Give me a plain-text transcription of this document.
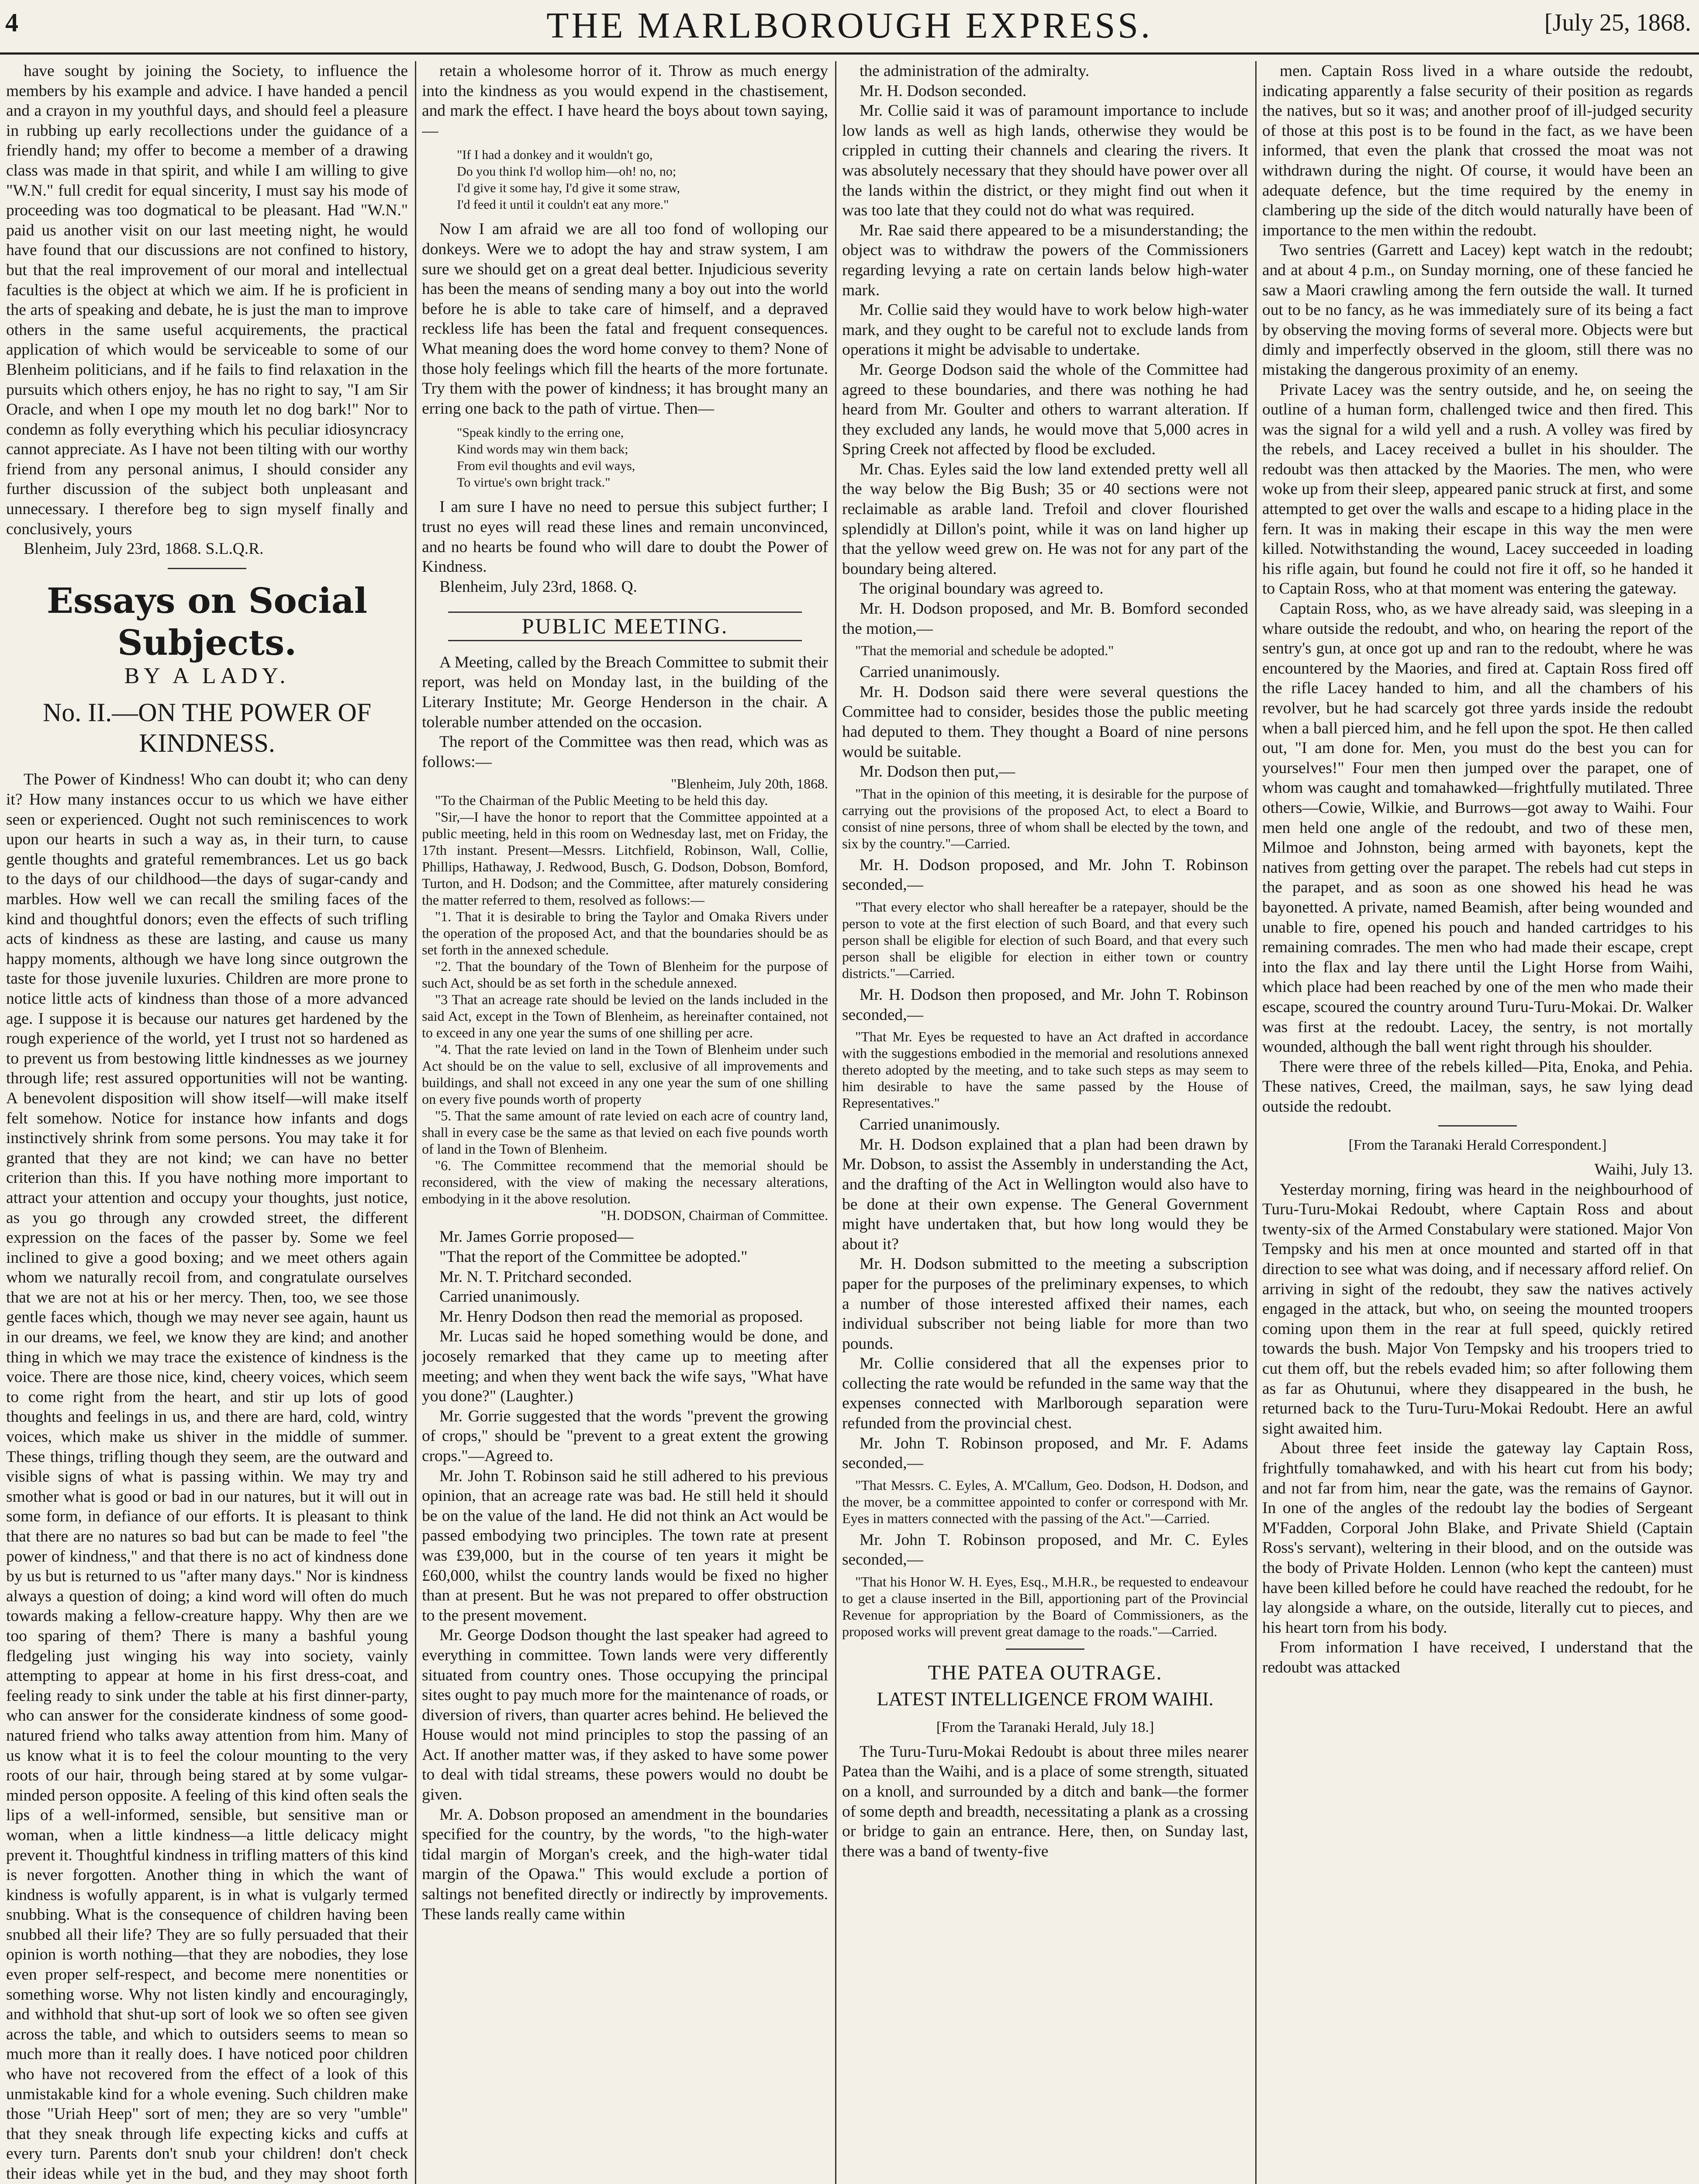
4	THE MARLBOROUGH EXPRESS.	[July 25, 1868.

have sought by joining the Society, to influence the members by his example and advice. I have handed a pencil and a crayon in my youthful days, and should feel a pleasure in rubbing up early recollections under the guidance of a friendly hand; my offer to become a member of a drawing class was made in that spirit, and while I am willing to give "W.N." full credit for equal sincerity, I must say his mode of proceeding was too dogmatical to be pleasant. Had "W.N." paid us another visit on our last meeting night, he would have found that our discussions are not confined to history, but that the real improvement of our moral and intellectual faculties is the object at which we aim. If he is proficient in the arts of speaking and debate, he is just the man to improve others in the same useful acquirements, the practical application of which would be serviceable to some of our Blenheim politicians, and if he fails to find relaxation in the pursuits which others enjoy, he has no right to say, "I am Sir Oracle, and when I ope my mouth let no dog bark!" Nor to condemn as folly everything which his peculiar idiosyncracy cannot appreciate. As I have not been tilting with our worthy friend from any personal animus, I should consider any further discussion of the subject both unpleasant and unnecessary. I therefore beg to sign myself finally and conclusively, yours

Blenheim, July 23rd, 1868. S.L.Q.R.

Essays on Social Subjects.
BY A LADY.
No. II.—ON THE POWER OF KINDNESS.

The Power of Kindness! Who can doubt it; who can deny it? How many instances occur to us which we have either seen or experienced. Ought not such reminiscences to work upon our hearts in such a way as, in their turn, to cause gentle thoughts and grateful remembrances. Let us go back to the days of our childhood—the days of sugar-candy and marbles. How well we can recall the smiling faces of the kind and thoughtful donors; even the effects of such trifling acts of kindness as these are lasting, and cause us many happy moments, although we have long since outgrown the taste for those juvenile luxuries. Children are more prone to notice little acts of kindness than those of a more advanced age. I suppose it is because our natures get hardened by the rough experience of the world, yet I trust not so hardened as to prevent us from bestowing little kindnesses as we journey through life; rest assured opportunities will not be wanting. A benevolent disposition will show itself—will make itself felt somehow. Notice for instance how infants and dogs instinctively shrink from some persons. You may take it for granted that they are not kind; we can have no better criterion than this. If you have nothing more important to attract your attention and occupy your thoughts, just notice, as you go through any crowded street, the different expression on the faces of the passer by. Some we feel inclined to give a good boxing; and we meet others again whom we naturally recoil from, and congratulate ourselves that we are not at his or her mercy. Then, too, we see those gentle faces which, though we may never see again, haunt us in our dreams, we feel, we know they are kind; and another thing in which we may trace the existence of kindness is the voice. There are those nice, kind, cheery voices, which seem to come right from the heart, and stir up lots of good thoughts and feelings in us, and there are hard, cold, wintry voices, which make us shiver in the middle of summer. These things, trifling though they seem, are the outward and visible signs of what is passing within. We may try and smother what is good or bad in our natures, but it will out in some form, in defiance of our efforts. It is pleasant to think that there are no natures so bad but can be made to feel "the power of kindness," and that there is no act of kindness done by us but is returned to us "after many days." Nor is kindness always a question of doing; a kind word will often do much towards making a fellow-creature happy. Why then are we too sparing of them? There is many a bashful young fledgeling just winging his way into society, vainly attempting to appear at home in his first dress-coat, and feeling ready to sink under the table at his first dinner-party, who can answer for the considerate kindness of some good-natured friend who talks away attention from him. Many of us know what it is to feel the colour mounting to the very roots of our hair, through being stared at by some vulgar-minded person opposite. A feeling of this kind often seals the lips of a well-informed, sensible, but sensitive man or woman, when a little kindness—a little delicacy might prevent it. Thoughtful kindness in trifling matters of this kind is never forgotten. Another thing in which the want of kindness is wofully apparent, is in what is vulgarly termed snubbing. What is the consequence of children having been snubbed all their life? They are so fully persuaded that their opinion is worth nothing—that they are nobodies, they lose even proper self-respect, and become mere nonentities or something worse. Why not listen kindly and encouragingly, and withhold that shut-up sort of look we so often see given across the table, and which to outsiders seems to mean so much more than it really does. I have noticed poor children who have not recovered from the effect of a look of this unmistakable kind for a whole evening. Such children make those "Uriah Heep" sort of men; they are so very "umble" that they sneak through life expecting kicks and cuffs at every turn. Parents don't snub your children! don't check their ideas while yet in the bud, and they may shoot forth

retain a wholesome horror of it. Throw as much energy into the kindness as you would expend in the chastisement, and mark the effect. I have heard the boys about town saying,—

"If I had a donkey and it wouldn't go,
Do you think I'd wollop him—oh! no, no;
I'd give it some hay, I'd give it some straw,
I'd feed it until it couldn't eat any more."

Now I am afraid we are all too fond of wolloping our donkeys. Were we to adopt the hay and straw system, I am sure we should get on a great deal better. Injudicious severity has been the means of sending many a boy out into the world before he is able to take care of himself, and a depraved reckless life has been the fatal and frequent consequences. What meaning does the word home convey to them? None of those holy feelings which fill the hearts of the more fortunate. Try them with the power of kindness; it has brought many an erring one back to the path of virtue. Then—

"Speak kindly to the erring one,
Kind words may win them back;
From evil thoughts and evil ways,
To virtue's own bright track."

I am sure I have no need to persue this subject further; I trust no eyes will read these lines and remain unconvinced, and no hearts be found who will dare to doubt the Power of Kindness.

Blenheim, July 23rd, 1868. Q.

PUBLIC MEETING.

A Meeting, called by the Breach Committee to submit their report, was held on Monday last, in the building of the Literary Institute; Mr. George Henderson in the chair. A tolerable number attended on the occasion.

The report of the Committee was then read, which was as follows:—

"Blenheim, July 20th, 1868.

"To the Chairman of the Public Meeting to be held this day.

"Sir,—I have the honor to report that the Committee appointed at a public meeting, held in this room on Wednesday last, met on Friday, the 17th instant. Present—Messrs. Litchfield, Robinson, Wall, Collie, Phillips, Hathaway, J. Redwood, Busch, G. Dodson, Dobson, Bomford, Turton, and H. Dodson; and the Committee, after maturely considering the matter referred to them, resolved as follows:—

"1. That it is desirable to bring the Taylor and Omaka Rivers under the operation of the proposed Act, and that the boundaries should be as set forth in the annexed schedule.

"2. That the boundary of the Town of Blenheim for the purpose of such Act, should be as set forth in the schedule annexed.

"3 That an acreage rate should be levied on the lands included in the said Act, except in the Town of Blenheim, as hereinafter contained, not to exceed in any one year the sums of one shilling per acre.

"4. That the rate levied on land in the Town of Blenheim under such Act should be on the value to sell, exclusive of all improvements and buildings, and shall not exceed in any one year the sum of one shilling on every five pounds worth of property

"5. That the same amount of rate levied on each acre of country land, shall in every case be the same as that levied on each five pounds worth of land in the Town of Blenheim.

"6. The Committee recommend that the memorial should be reconsidered, with the view of making the necessary alterations, embodying in it the above resolution.

"H. DODSON, Chairman of Committee.

Mr. James Gorrie proposed—

"That the report of the Committee be adopted."

Mr. N. T. Pritchard seconded.

Carried unanimously.

Mr. Henry Dodson then read the memorial as proposed.

Mr. Lucas said he hoped something would be done, and jocosely remarked that they came up to meeting after meeting; and when they went back the wife says, "What have you done?" (Laughter.)

Mr. Gorrie suggested that the words "prevent the growing of crops," should be "prevent to a great extent the growing crops."—Agreed to.

Mr. John T. Robinson said he still adhered to his previous opinion, that an acreage rate was bad. He still held it should be on the value of the land. He did not think an Act would be passed embodying two principles. The town rate at present was £39,000, but in the course of ten years it might be £60,000, whilst the country lands would be fixed no higher than at present. But he was not prepared to offer obstruction to the present movement.

Mr. George Dodson thought the last speaker had agreed to everything in committee. Town lands were very differently situated from country ones. Those occupying the principal sites ought to pay much more for the maintenance of roads, or diversion of rivers, than quarter acres behind. He believed the House would not mind principles to stop the passing of an Act. If another matter was, if they asked to have some power to deal with tidal streams, these powers would no doubt be given.

Mr. A. Dobson proposed an amendment in the boundaries specified for the country, by the words, "to the high-water tidal margin of Morgan's creek, and the high-water tidal margin of the Opawa." This would exclude a portion of saltings not benefited directly or indirectly by improvements. These lands really came within

the administration of the admiralty.

Mr. H. Dodson seconded.

Mr. Collie said it was of paramount importance to include low lands as well as high lands, otherwise they would be crippled in cutting their channels and clearing the rivers. It was absolutely necessary that they should have power over all the lands within the district, or they might find out when it was too late that they could not do what was required.

Mr. Rae said there appeared to be a misunderstanding; the object was to withdraw the powers of the Commissioners regarding levying a rate on certain lands below high-water mark.

Mr. Collie said they would have to work below high-water mark, and they ought to be careful not to exclude lands from operations it might be advisable to undertake.

Mr. George Dodson said the whole of the Committee had agreed to these boundaries, and there was nothing he had heard from Mr. Goulter and others to warrant alteration. If they excluded any lands, he would move that 5,000 acres in Spring Creek not affected by flood be excluded.

Mr. Chas. Eyles said the low land extended pretty well all the way below the Big Bush; 35 or 40 sections were not reclaimable as arable land. Trefoil and clover flourished splendidly at Dillon's point, while it was on land higher up that the yellow weed grew on. He was not for any part of the boundary being altered.

The original boundary was agreed to.

Mr. H. Dodson proposed, and Mr. B. Bomford seconded the motion,—

"That the memorial and schedule be adopted."

Carried unanimously.

Mr. H. Dodson said there were several questions the Committee had to consider, besides those the public meeting had deputed to them. They thought a Board of nine persons would be suitable.

Mr. Dodson then put,—

"That in the opinion of this meeting, it is desirable for the purpose of carrying out the provisions of the proposed Act, to elect a Board to consist of nine persons, three of whom shall be elected by the town, and six by the country."—Carried.

Mr. H. Dodson proposed, and Mr. John T. Robinson seconded,—

"That every elector who shall hereafter be a ratepayer, should be the person to vote at the first election of such Board, and that every such person shall be eligible for election of such Board, and that every such person shall be eligible for election in either town or country districts."—Carried.

Mr. H. Dodson then proposed, and Mr. John T. Robinson seconded,—

"That Mr. Eyes be requested to have an Act drafted in accordance with the suggestions embodied in the memorial and resolutions annexed thereto adopted by the meeting, and to take such steps as may seem to him desirable to have the same passed by the House of Representatives."

Carried unanimously.

Mr. H. Dodson explained that a plan had been drawn by Mr. Dobson, to assist the Assembly in understanding the Act, and the drafting of the Act in Wellington would also have to be done at their own expense. The General Government might have undertaken that, but how long would they be about it?

Mr. H. Dodson submitted to the meeting a subscription paper for the purposes of the preliminary expenses, to which a number of those interested affixed their names, each individual subscriber not being liable for more than two pounds.

Mr. Collie considered that all the expenses prior to collecting the rate would be refunded in the same way that the expenses connected with Marlborough separation were refunded from the provincial chest.

Mr. John T. Robinson proposed, and Mr. F. Adams seconded,—

"That Messrs. C. Eyles, A. M'Callum, Geo. Dodson, H. Dodson, and the mover, be a committee appointed to confer or correspond with Mr. Eyes in matters connected with the passing of the Act."—Carried.

Mr. John T. Robinson proposed, and Mr. C. Eyles seconded,—

"That his Honor W. H. Eyes, Esq., M.H.R., be requested to endeavour to get a clause inserted in the Bill, apportioning part of the Provincial Revenue for appropriation by the Board of Commissioners, as the proposed works will prevent great damage to the roads."—Carried.

THE PATEA OUTRAGE.
LATEST INTELLIGENCE FROM WAIHI.
[From the Taranaki Herald, July 18.]

The Turu-Turu-Mokai Redoubt is about three miles nearer Patea than the Waihi, and is a place of some strength, situated on a knoll, and surrounded by a ditch and bank—the former of some depth and breadth, necessitating a plank as a crossing or bridge to gain an entrance. Here, then, on Sunday last, there was a band of twenty-five

men. Captain Ross lived in a whare outside the redoubt, indicating apparently a false security of their position as regards the natives, but so it was; and another proof of ill-judged security of those at this post is to be found in the fact, as we have been informed, that even the plank that crossed the moat was not withdrawn during the night. Of course, it would have been an adequate defence, but the time required by the enemy in clambering up the side of the ditch would naturally have been of importance to the men within the redoubt.

Two sentries (Garrett and Lacey) kept watch in the redoubt; and at about 4 p.m., on Sunday morning, one of these fancied he saw a Maori crawling among the fern outside the wall. It turned out to be no fancy, as he was immediately sure of its being a fact by observing the moving forms of several more. Objects were but dimly and imperfectly observed in the gloom, still there was no mistaking the dangerous proximity of an enemy.

Private Lacey was the sentry outside, and he, on seeing the outline of a human form, challenged twice and then fired. This was the signal for a wild yell and a rush. A volley was fired by the rebels, and Lacey received a bullet in his shoulder. The redoubt was then attacked by the Maories. The men, who were woke up from their sleep, appeared panic struck at first, and some attempted to get over the walls and escape to a hiding place in the fern. It was in making their escape in this way the men were killed. Notwithstanding the wound, Lacey succeeded in loading his rifle again, but found he could not fire it off, so he handed it to Captain Ross, who at that moment was entering the gateway.

Captain Ross, who, as we have already said, was sleeping in a whare outside the redoubt, and who, on hearing the report of the sentry's gun, at once got up and ran to the redoubt, where he was encountered by the Maories, and fired at. Captain Ross fired off the rifle Lacey handed to him, and all the chambers of his revolver, but he had scarcely got three yards inside the redoubt when a ball pierced him, and he fell upon the spot. He then called out, "I am done for. Men, you must do the best you can for yourselves!" Four men then jumped over the parapet, one of whom was caught and tomahawked—frightfully mutilated. Three others—Cowie, Wilkie, and Burrows—got away to Waihi. Four men held one angle of the redoubt, and two of these men, Milmoe and Johnston, being armed with bayonets, kept the natives from getting over the parapet. The rebels had cut steps in the parapet, and as soon as one showed his head he was bayonetted. A private, named Beamish, after being wounded and unable to fire, opened his pouch and handed cartridges to his remaining comrades. The men who had made their escape, crept into the flax and lay there until the Light Horse from Waihi, which place had been reached by one of the men who made their escape, scoured the country around Turu-Turu-Mokai. Dr. Walker was first at the redoubt. Lacey, the sentry, is not mortally wounded, although the ball went right through his shoulder.

There were three of the rebels killed—Pita, Enoka, and Pehia. These natives, Creed, the mailman, says, he saw lying dead outside the redoubt.

[From the Taranaki Herald Correspondent.]

Waihi, July 13.

Yesterday morning, firing was heard in the neighbourhood of Turu-Turu-Mokai Redoubt, where Captain Ross and about twenty-six of the Armed Constabulary were stationed. Major Von Tempsky and his men at once mounted and started off in that direction to see what was doing, and if necessary afford relief. On arriving in sight of the redoubt, they saw the natives actively engaged in the attack, but who, on seeing the mounted troopers coming upon them in the rear at full speed, quickly retired towards the bush. Major Von Tempsky and his troopers tried to cut them off, but the rebels evaded him; so after following them as far as Ohutunui, where they disappeared in the bush, he returned back to the Turu-Turu-Mokai Redoubt. Here an awful sight awaited him.

About three feet inside the gateway lay Captain Ross, frightfully tomahawked, and with his heart cut from his body; and not far from him, near the gate, was the remains of Gaynor. In one of the angles of the redoubt lay the bodies of Sergeant M'Fadden, Corporal John Blake, and Private Shield (Captain Ross's servant), weltering in their blood, and on the outside was the body of Private Holden. Lennon (who kept the canteen) must have been killed before he could have reached the redoubt, for he lay alongside a whare, on the outside, literally cut to pieces, and his heart torn from his body.

From information I have received, I understand that the redoubt was attacked
